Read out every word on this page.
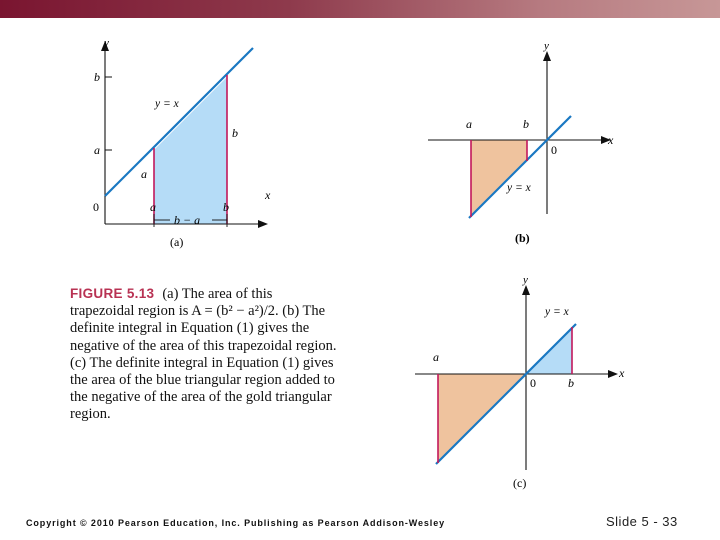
y
x
b
a
0
y = x
b
a
a	b
b − a
(a)
y
x
a	b
0
y = x
(b)
y
x
y = x
a
0	b
(c)
FIGURE 5.13 (a) The area of this trapezoidal region is A = (b² − a²)/2. (b) The definite integral in Equation (1) gives the negative of the area of this trapezoidal region. (c) The definite integral in Equation (1) gives the area of the blue triangular region added to the negative of the area of the gold triangular region.
Copyright © 2010 Pearson Education, Inc. Publishing as Pearson Addison-Wesley	Slide 5 - 33
